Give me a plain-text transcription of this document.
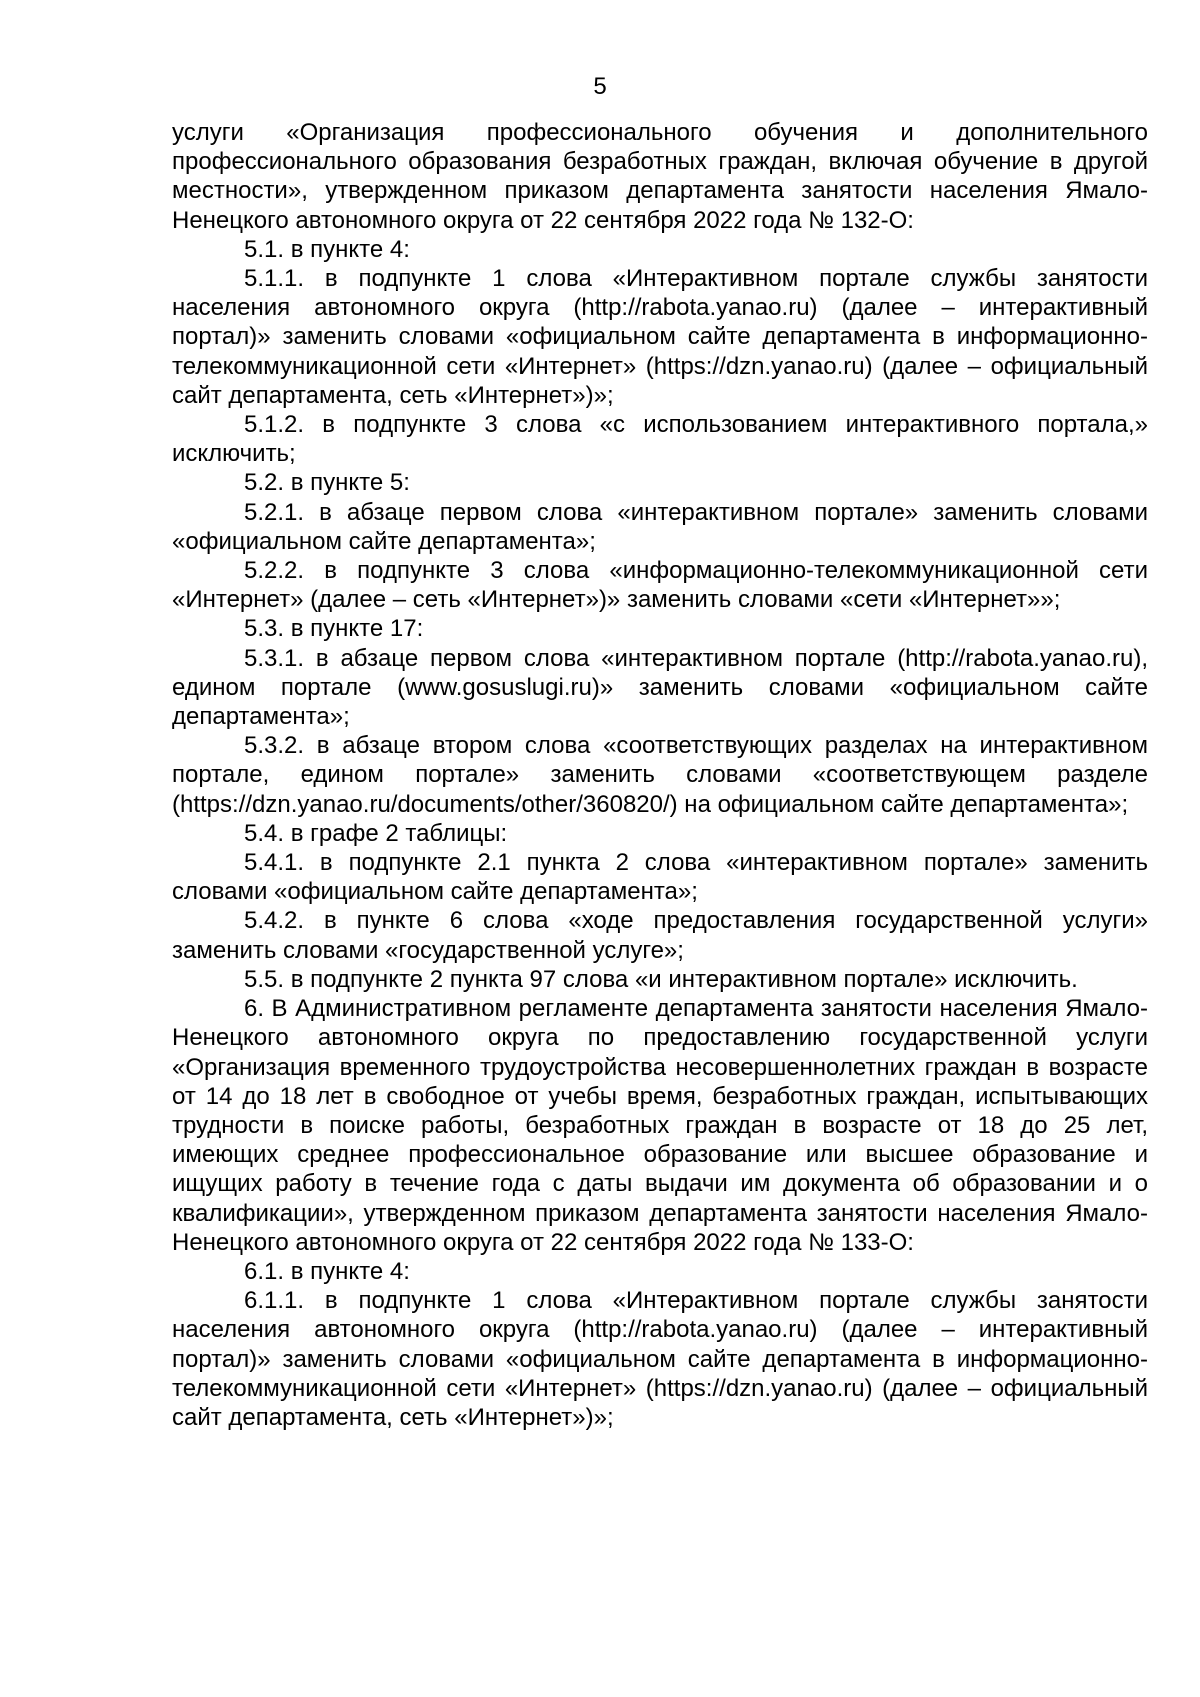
5

услуги «Организация профессионального обучения и дополнительного профессионального образования безработных граждан, включая обучение в другой местности», утвержденном приказом департамента занятости населения Ямало-Ненецкого автономного округа от 22 сентября 2022 года № 132-О:

5.1. в пункте 4:

5.1.1. в подпункте 1 слова «Интерактивном портале службы занятости населения автономного округа (http://rabota.yanao.ru) (далее – интерактивный портал)» заменить словами «официальном сайте департамента в информационно-телекоммуникационной сети «Интернет» (https://dzn.yanao.ru) (далее – официальный сайт департамента, сеть «Интернет»)»;

5.1.2. в подпункте 3 слова «с использованием интерактивного портала,» исключить;

5.2. в пункте 5:

5.2.1. в абзаце первом слова «интерактивном портале» заменить словами «официальном сайте департамента»;

5.2.2. в подпункте 3 слова «информационно-телекоммуникационной сети «Интернет» (далее – сеть «Интернет»)» заменить словами «сети «Интернет»»;

5.3. в пункте 17:

5.3.1. в абзаце первом слова «интерактивном портале (http://rabota.yanao.ru), едином портале (www.gosuslugi.ru)» заменить словами «официальном сайте департамента»;

5.3.2. в абзаце втором слова «соответствующих разделах на интерактивном портале, едином портале» заменить словами «соответствующем разделе (https://dzn.yanao.ru/documents/other/360820/) на официальном сайте департамента»;

5.4. в графе 2 таблицы:

5.4.1. в подпункте 2.1 пункта 2 слова «интерактивном портале» заменить словами «официальном сайте департамента»;

5.4.2. в пункте 6 слова «ходе предоставления государственной услуги» заменить словами «государственной услуге»;

5.5. в подпункте 2 пункта 97 слова «и интерактивном портале» исключить.

6. В Административном регламенте департамента занятости населения Ямало-Ненецкого автономного округа по предоставлению государственной услуги «Организация временного трудоустройства несовершеннолетних граждан в возрасте от 14 до 18 лет в свободное от учебы время, безработных граждан, испытывающих трудности в поиске работы, безработных граждан в возрасте от 18 до 25 лет, имеющих среднее профессиональное образование или высшее образование и ищущих работу в течение года с даты выдачи им документа об образовании и о квалификации», утвержденном приказом департамента занятости населения Ямало-Ненецкого автономного округа от 22 сентября 2022 года № 133-О:

6.1. в пункте 4:

6.1.1. в подпункте 1 слова «Интерактивном портале службы занятости населения автономного округа (http://rabota.yanao.ru) (далее – интерактивный портал)» заменить словами «официальном сайте департамента в информационно-телекоммуникационной сети «Интернет» (https://dzn.yanao.ru) (далее – официальный сайт департамента, сеть «Интернет»)»;
